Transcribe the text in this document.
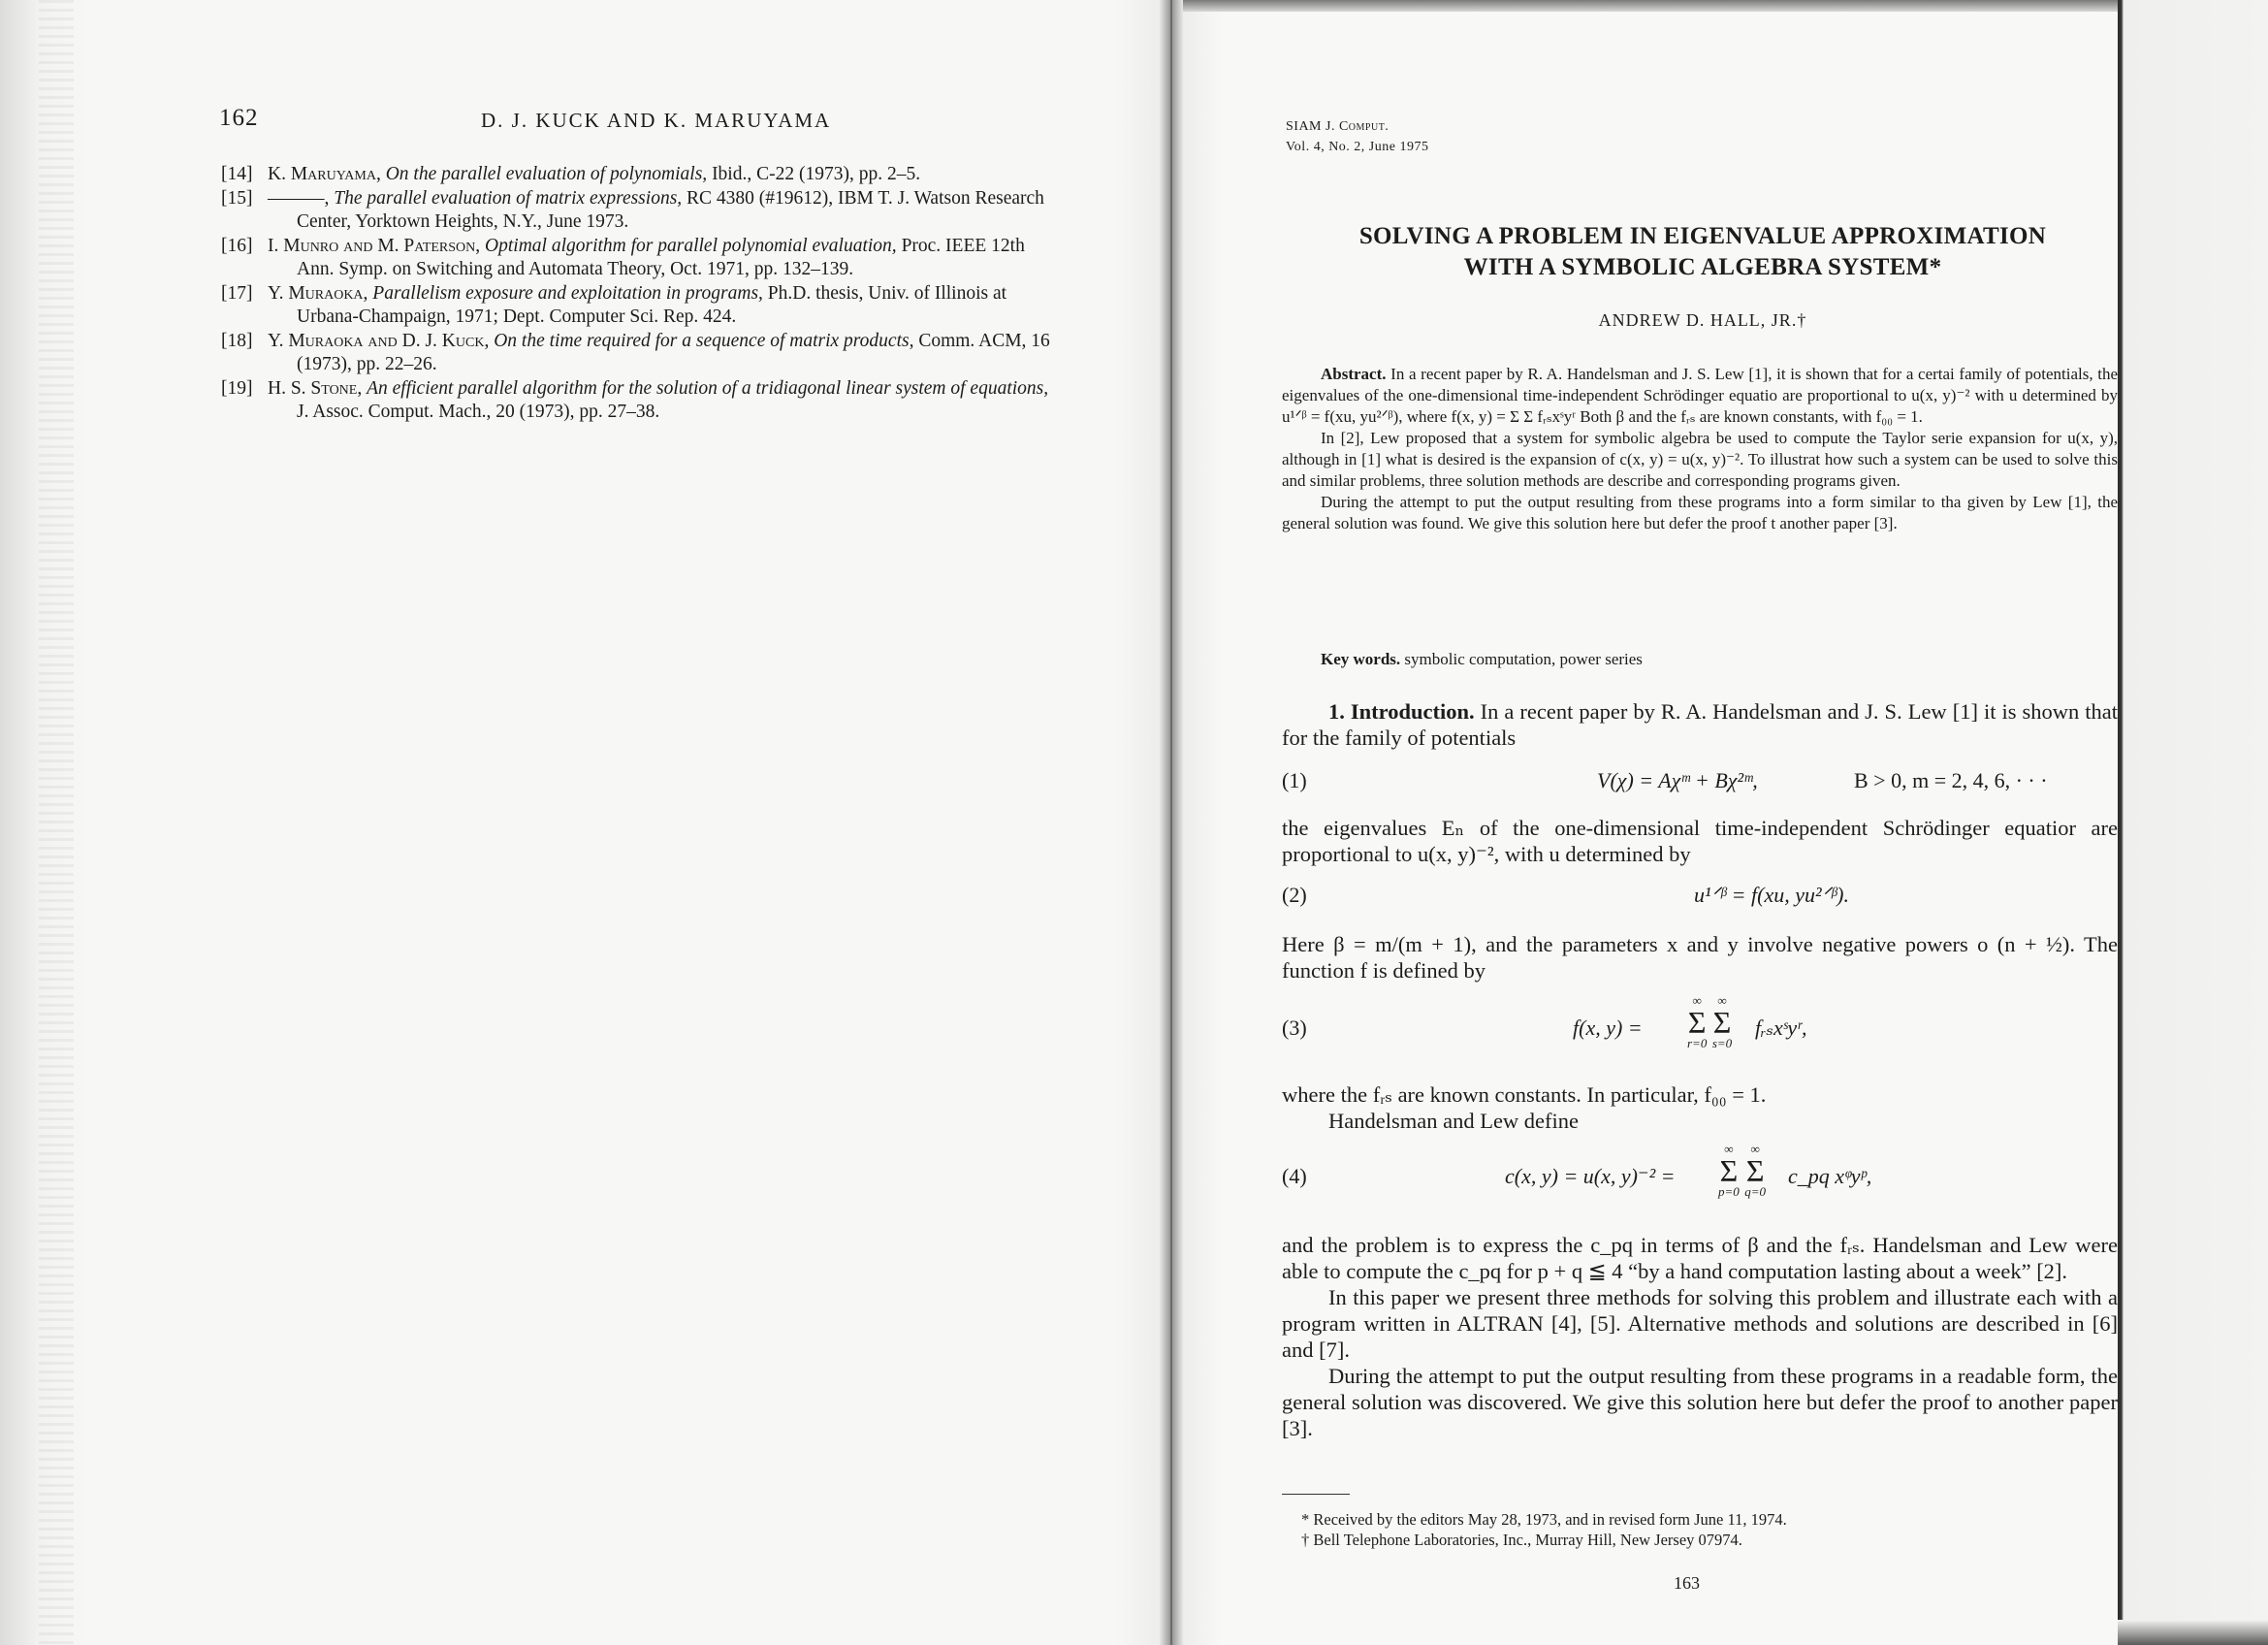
162	D. J. KUCK AND K. MARUYAMA

[14] K. Maruyama, On the parallel evaluation of polynomials, Ibid., C-22 (1973), pp. 2–5.

[15] ———, The parallel evaluation of matrix expressions, RC 4380 (#19612), IBM T. J. Watson Research Center, Yorktown Heights, N.Y., June 1973.

[16] I. Munro and M. Paterson, Optimal algorithm for parallel polynomial evaluation, Proc. IEEE 12th Ann. Symp. on Switching and Automata Theory, Oct. 1971, pp. 132–139.

[17] Y. Muraoka, Parallelism exposure and exploitation in programs, Ph.D. thesis, Univ. of Illinois at Urbana-Champaign, 1971; Dept. Computer Sci. Rep. 424.

[18] Y. Muraoka and D. J. Kuck, On the time required for a sequence of matrix products, Comm. ACM, 16 (1973), pp. 22–26.

[19] H. S. Stone, An efficient parallel algorithm for the solution of a tridiagonal linear system of equations, J. Assoc. Comput. Mach., 20 (1973), pp. 27–38.

SIAM J. Comput.
Vol. 4, No. 2, June 1975
SOLVING A PROBLEM IN EIGENVALUE APPROXIMATION
WITH A SYMBOLIC ALGEBRA SYSTEM*
ANDREW D. HALL, JR.†

Abstract. In a recent paper by R. A. Handelsman and J. S. Lew [1], it is shown that for a certai family of potentials, the eigenvalues of the one-dimensional time-independent Schrödinger equatio are proportional to u(x, y)⁻² with u determined by u¹ᐟᵝ = f(xu, yu²ᐟᵝ), where f(x, y) = Σ Σ fᵣₛxˢyʳ Both β and the fᵣₛ are known constants, with f₀₀ = 1.

In [2], Lew proposed that a system for symbolic algebra be used to compute the Taylor serie expansion for u(x, y), although in [1] what is desired is the expansion of c(x, y) = u(x, y)⁻². To illustrat how such a system can be used to solve this and similar problems, three solution methods are describe and corresponding programs given.

During the attempt to put the output resulting from these programs into a form similar to tha given by Lew [1], the general solution was found. We give this solution here but defer the proof t another paper [3].

Key words. symbolic computation, power series

1. Introduction. In a recent paper by R. A. Handelsman and J. S. Lew [1] it is shown that for the family of potentials

(1)	V(χ) = Aχᵐ + Bχ²ᵐ,	B > 0, m = 2, 4, 6, · · ·

the eigenvalues Eₙ of the one-dimensional time-independent Schrödinger equatior are proportional to u(x, y)⁻², with u determined by

(2)	u¹ᐟᵝ = f(xu, yu²ᐟᵝ).

Here β = m/(m + 1), and the parameters x and y involve negative powers o (n + ½). The function f is defined by

(3)	f(x, y) =
∞
Σ
r=0

∞
Σ
s=0
fᵣₛxˢyʳ,

where the fᵣₛ are known constants. In particular, f₀₀ = 1.

Handelsman and Lew define

(4)	c(x, y) = u(x, y)⁻² =
∞
Σ
p=0

∞
Σ
q=0
c_pq xᵠyᵖ,

and the problem is to express the c_pq in terms of β and the fᵣₛ. Handelsman and Lew were able to compute the c_pq for p + q ≦ 4 “by a hand computation lasting about a week” [2].

In this paper we present three methods for solving this problem and illustrate each with a program written in ALTRAN [4], [5]. Alternative methods and solutions are described in [6] and [7].

During the attempt to put the output resulting from these programs in a readable form, the general solution was discovered. We give this solution here but defer the proof to another paper [3].

* Received by the editors May 28, 1973, and in revised form June 11, 1974.

† Bell Telephone Laboratories, Inc., Murray Hill, New Jersey 07974.

163
